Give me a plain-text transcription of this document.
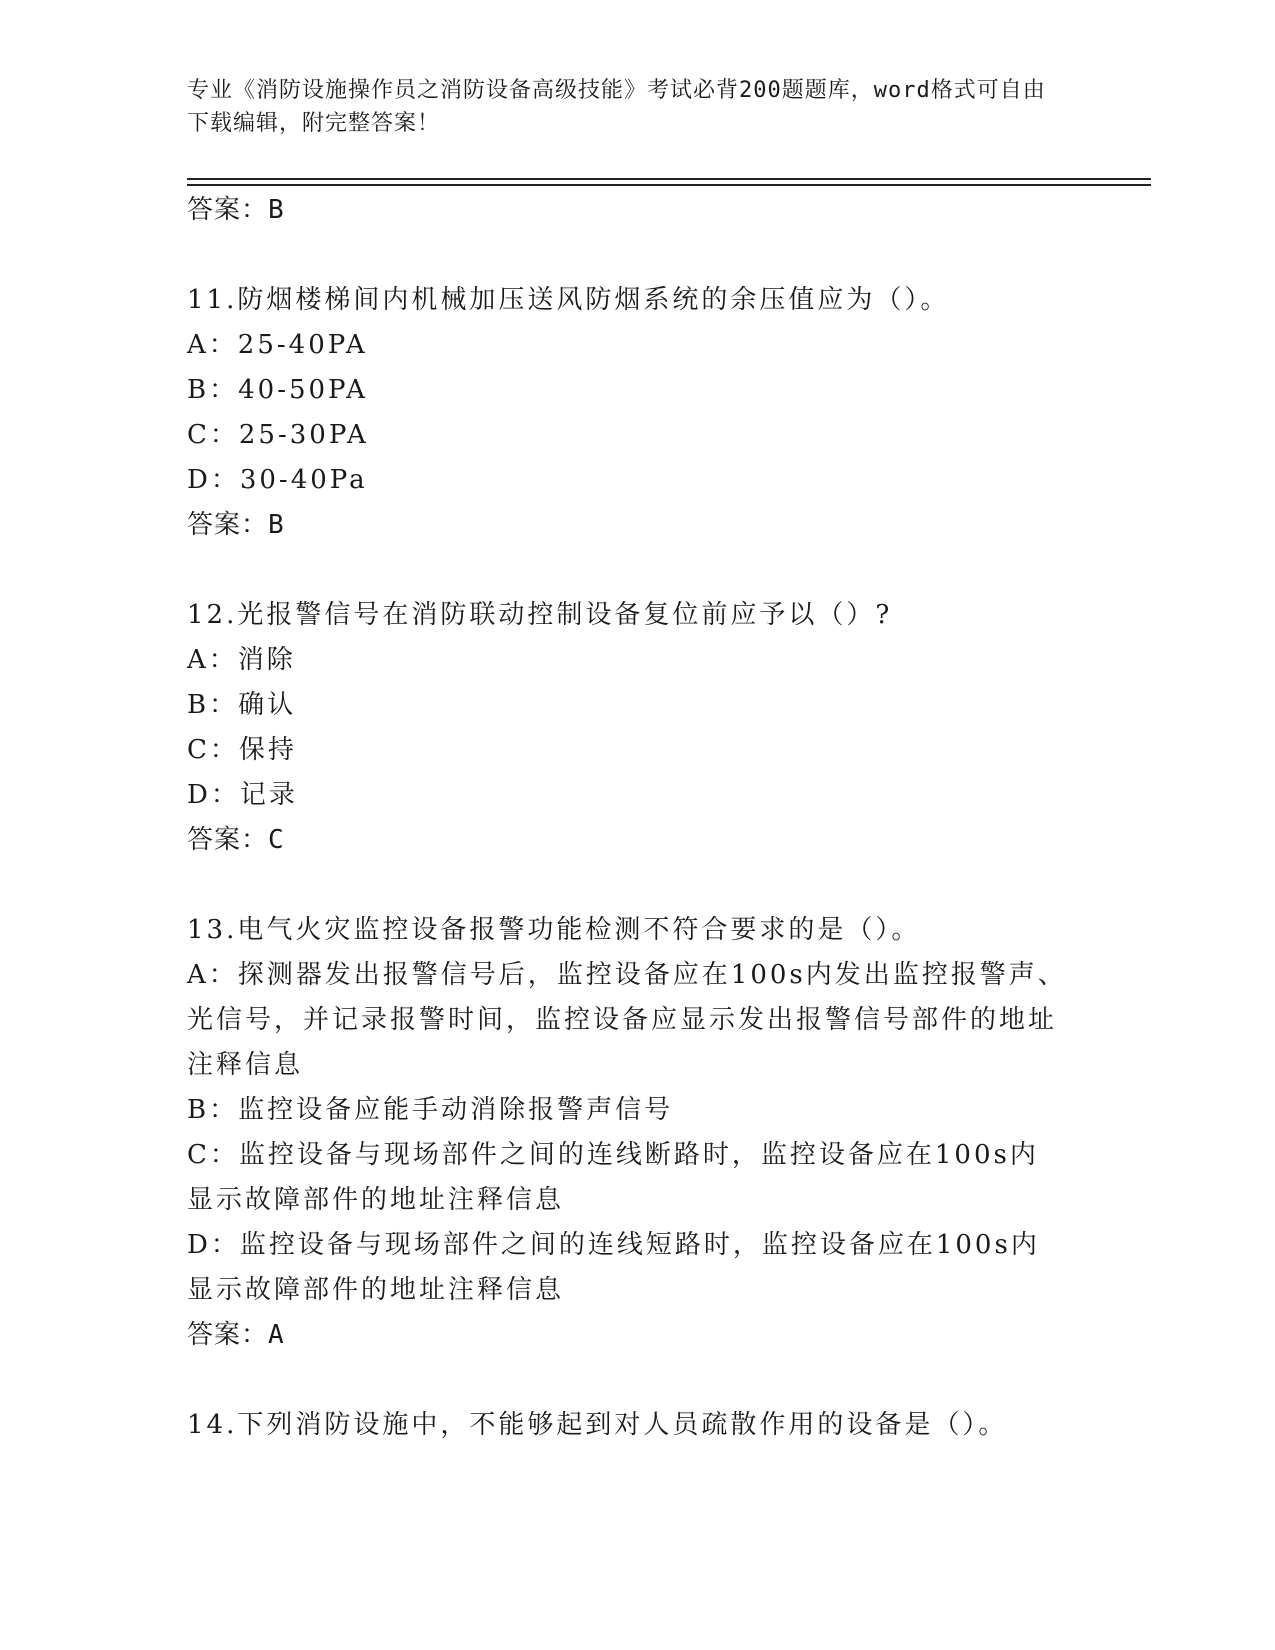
专业《消防设施操作员之消防设备高级技能》考试必背200题题库，word格式可自由下载编辑，附完整答案！
答案：B
11.防烟楼梯间内机械加压送风防烟系统的余压值应为（）。
A：25-40PA
B：40-50PA
C：25-30PA
D：30-40Pa
答案：B
12.光报警信号在消防联动控制设备复位前应予以（）?
A：消除
B：确认
C：保持
D：记录
答案：C
13.电气火灾监控设备报警功能检测不符合要求的是（）。
A：探测器发出报警信号后，监控设备应在100s内发出监控报警声、光信号，并记录报警时间，监控设备应显示发出报警信号部件的地址注释信息
B：监控设备应能手动消除报警声信号
C：监控设备与现场部件之间的连线断路时，监控设备应在100s内显示故障部件的地址注释信息
D：监控设备与现场部件之间的连线短路时，监控设备应在100s内显示故障部件的地址注释信息
答案：A
14.下列消防设施中，不能够起到对人员疏散作用的设备是（）。
